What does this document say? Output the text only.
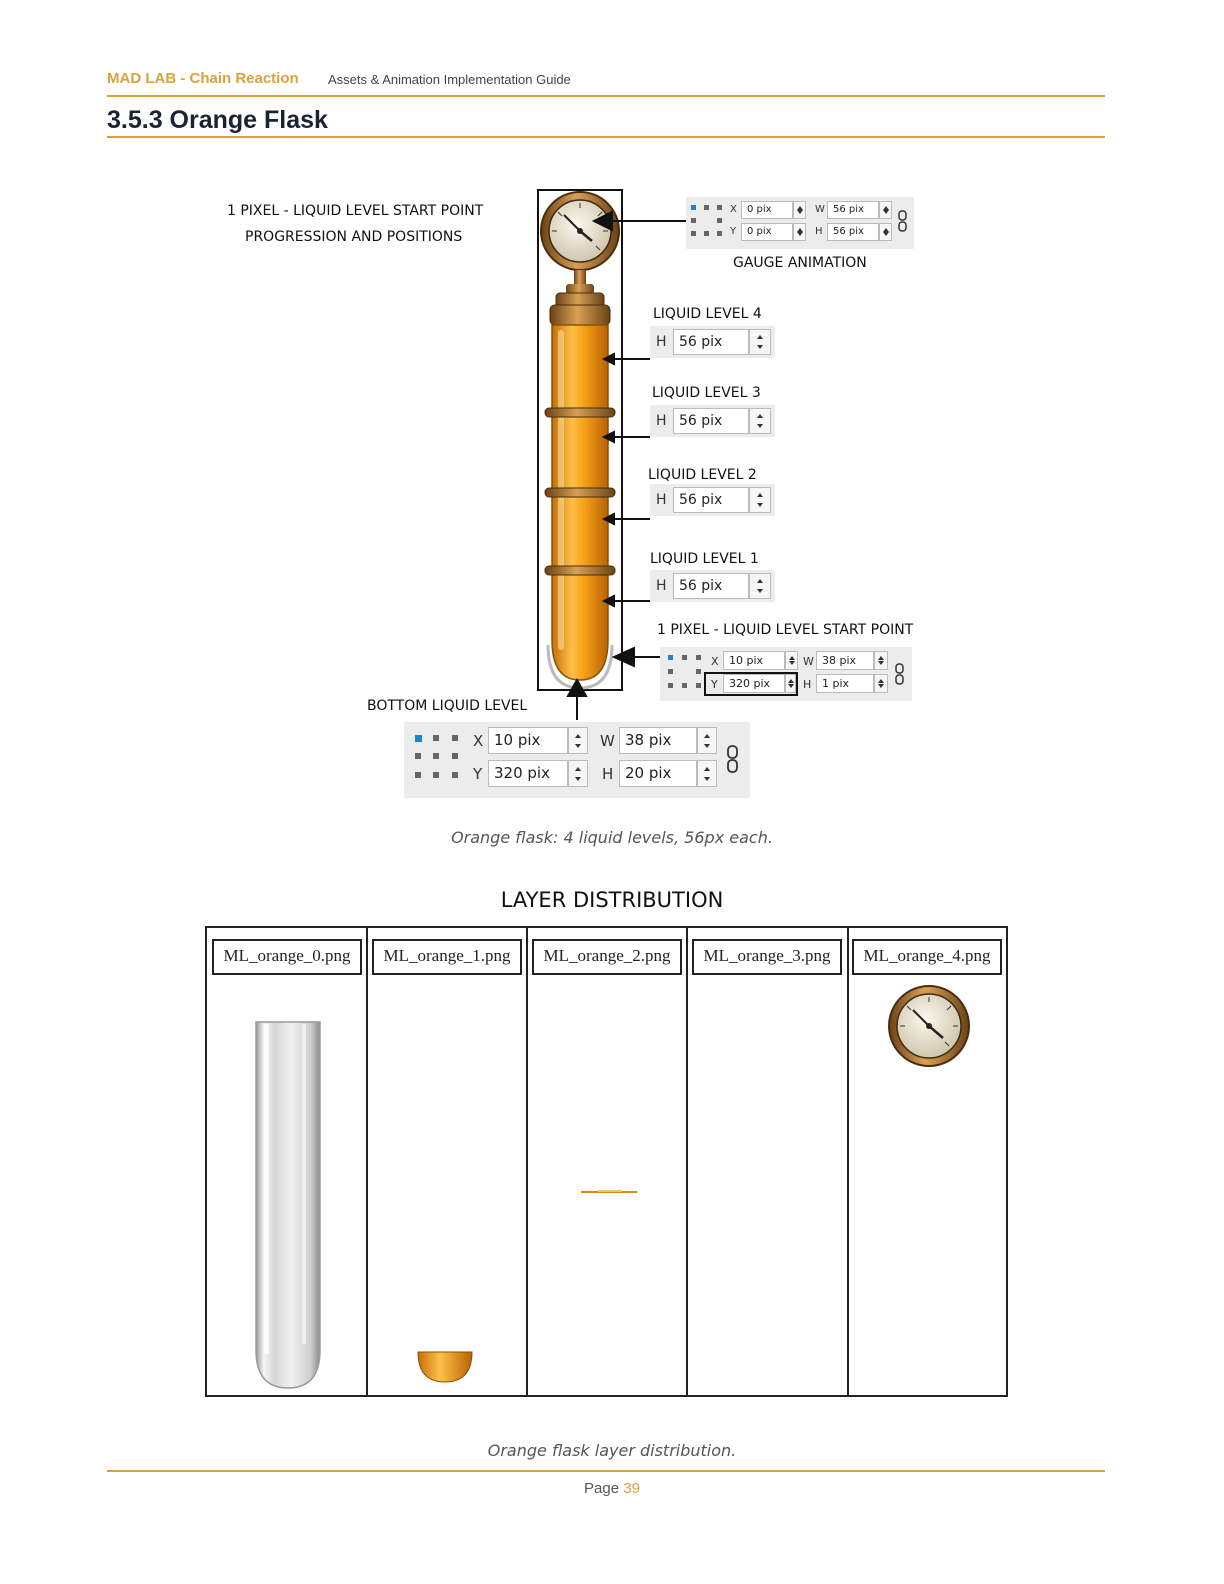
MAD LAB - Chain Reaction Assets & Animation Implementation Guide
3.5.3 Orange Flask
1 PIXEL - LIQUID LEVEL START POINT
PROGRESSION AND POSITIONS
X	0 pix
Y	0 pix
W 56 pix
H	56 pix
GAUGE ANIMATION
LIQUID LEVEL 4
H 56 pix
LIQUID LEVEL 3
H 56 pix
LIQUID LEVEL 2
H 56 pix
LIQUID LEVEL 1
H 56 pix
1 PIXEL - LIQUID LEVEL START POINT
X 10 pix
Y	320 pix
W 38 pix
H 1 pix
BOTTOM LIQUID LEVEL
X 10 pix
Y 320 pix
W 38 pix
H 20 pix
Orange flask: 4 liquid levels, 56px each.
LAYER DISTRIBUTION
ML_orange_0.png	ML_orange_1.png	ML_orange_2.png	ML_orange_3.png	ML_orange_4.png
Orange flask layer distribution.
Page 39
